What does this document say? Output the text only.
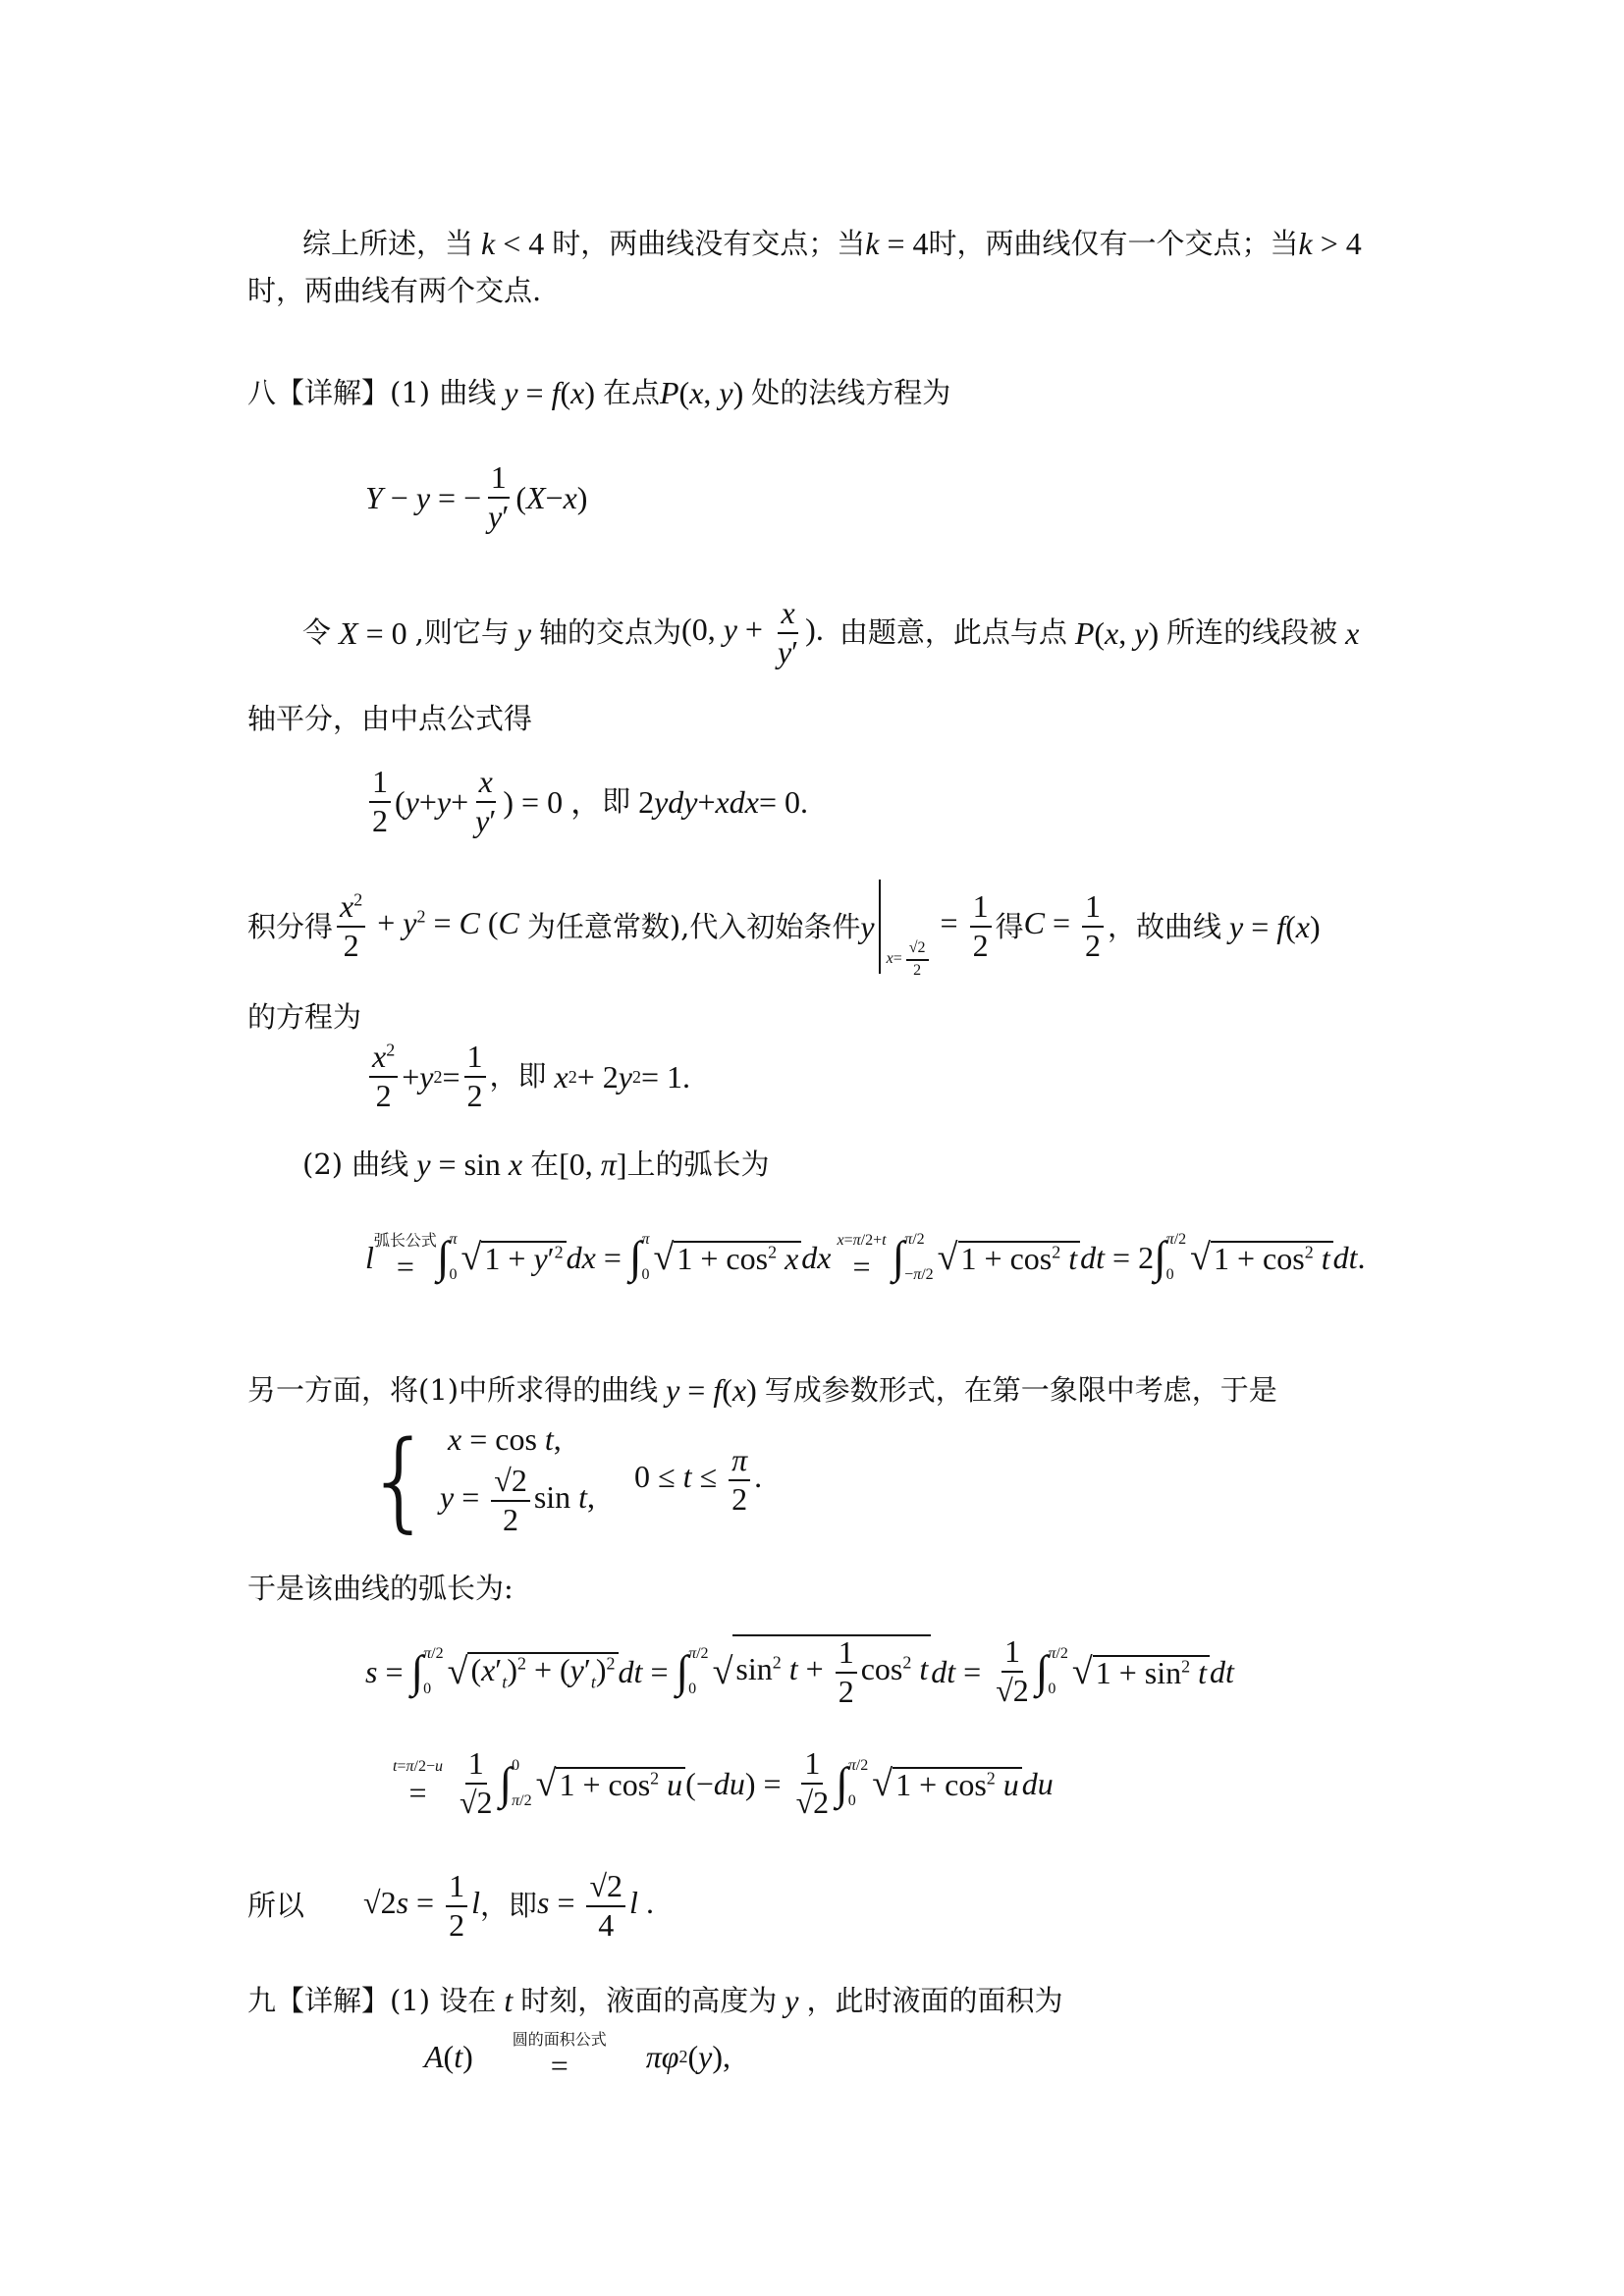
综上所述，当 k < 4 时，两曲线没有交点；当 k = 4 时，两曲线仅有一个交点；当 k > 4
时，两曲线有两个交点.
八【详解】 (1) 曲线 y = f(x) 在点 P(x, y) 处的法线方程为
Y − y = − $\frac{1}{y'}$ ( X − x )
令 X = 0 ,则它与 y 轴的交点为 (0, $y + \frac{x}{y'}$ ). 由题意，此点与点 P(x, y) 所连的线段被 x
轴平分，由中点公式得
$\frac{1}{2}$ ( $y + y + \frac{x}{y'}$ ) = 0 ， 即 2 ydy + xdx = 0.
积分得 $\frac{x^2}{2} + y^2 = C$ (C 为任意常数),代入初始条件 y
$_{x= \frac{√2}{2}}$
= $\frac{1}{2}$ 得 $C = \frac{1}{2}$ ，故曲线 y = f(x)
的方程为
$\frac{x^2}{2} + y$ $2 = \frac{1}{2}$ ，即
x 2 + 2 y 2 = 1.
(2) 曲线 y = sin x 在 [0, π] 上的弧长为
l 弧长公式
= ∫ π
0 √ $1 + y'^2$ dx = ∫ π
0 √ $1 + \cos^2 x$ dx x=π/2+t
= ∫ π/2
−π/2 √ $1 + \cos^2 t$ dt = 2 ∫ π/2
0 √ $1 + \cos^2 t$ dt .
另一方面，将(1)中所求得的曲线 y = f(x) 写成参数形式，在第一象限中考虑，于是
{ x = cos t,
$y = \frac{√2}{2}$ sin t,
$0 \le t \le \frac{\pi}{2}$ .
于是该曲线的弧长为:
s = ∫ π/2
0 √ $(x'_t)^2 + (y'_t)^2$ dt = ∫ π/2
0 √ $\sin^2 t + \frac{1}{2} \cos^2 t$ dt = $\frac{1}{√2}$ ∫ π/2
0 √ $1 + \sin^2 t$ dt
t=π/2−u
= $\frac{1}{√2}$ ∫ 0
π/2 √ $1 + \cos^2 u$ (− du ) = $\frac{1}{√2}$ ∫ π/2
0 √ $1 + \cos^2 u$ du
所以 $√2s = \frac{1}{2}$ l ，即 $s = \frac{√2}{4}$ l .
九【详解】 (1) 设在 t 时刻，液面的高度为 y ，此时液面的面积为
A ( t )	圆的面积公式
= πφ 2 ( y ),
